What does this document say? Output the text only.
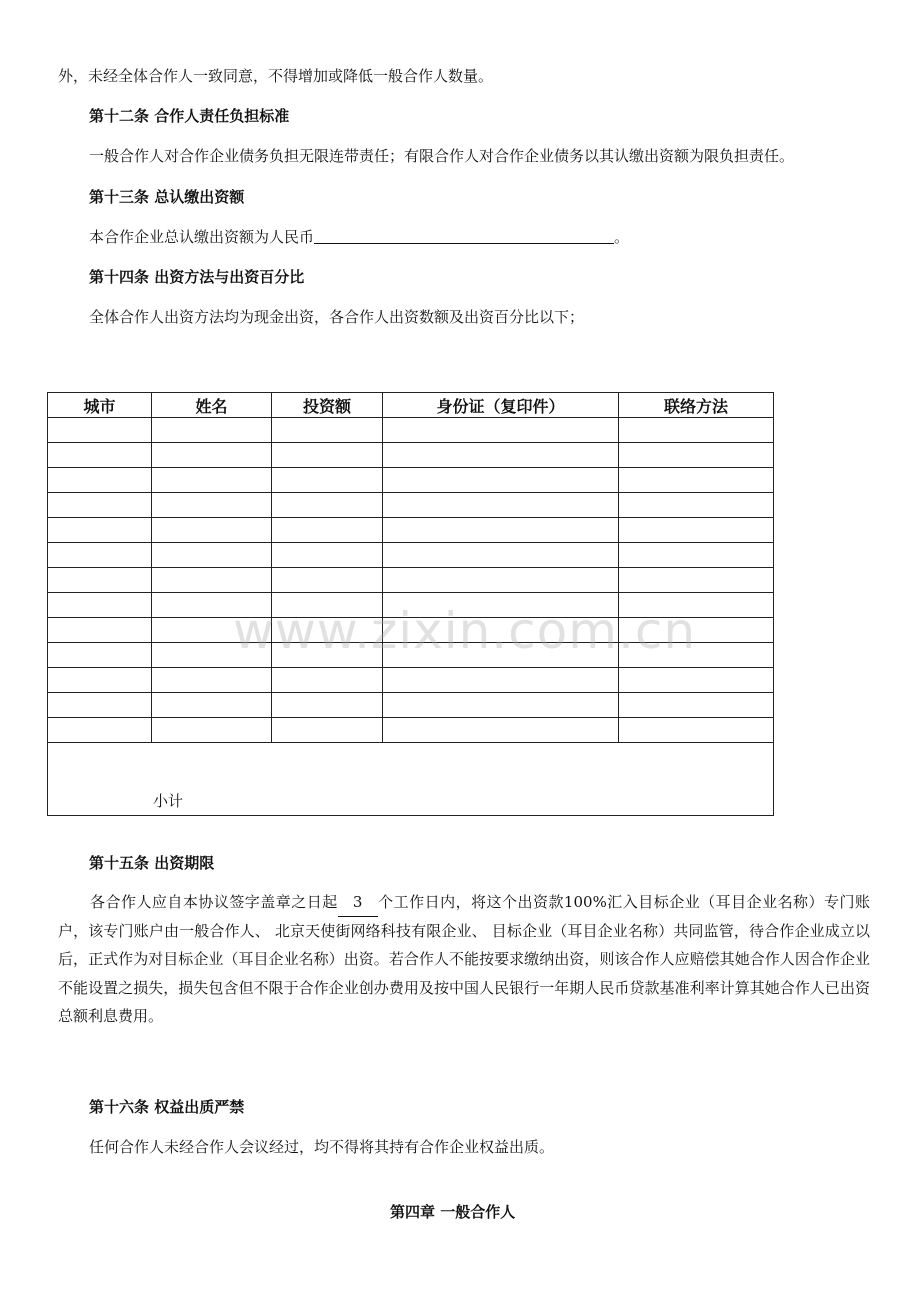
外，未经全体合作人一致同意，不得增加或降低一般合作人数量。
第十二条 合作人责任负担标准
一般合作人对合作企业债务负担无限连带责任；有限合作人对合作企业债务以其认缴出资额为限负担责任。
第十三条 总认缴出资额
本合作企业总认缴出资额为人民币	。
第十四条 出资方法与出资百分比
全体合作人出资方法均为现金出资，各合作人出资数额及出资百分比以下；
城市	姓名	投资额	身份证（复印件）	联络方法

小计				
www.zixin.com.cn
第十五条 出资期限
各合作人应自本协议签字盖章之日起 3 个工作日内，将这个出资款100%汇入目标企业（耳目企业名称）专门账户，该专门账户由一般合作人、 北京天使街网络科技有限企业、 目标企业（耳目企业名称）共同监管，待合作企业成立以后，正式作为对目标企业（耳目企业名称）出资。若合作人不能按要求缴纳出资，则该合作人应赔偿其她合作人因合作企业不能设置之损失，损失包含但不限于合作企业创办费用及按中国人民银行一年期人民币贷款基准利率计算其她合作人已出资总额利息费用。
第十六条 权益出质严禁
任何合作人未经合作人会议经过，均不得将其持有合作企业权益出质。
第四章 一般合作人
